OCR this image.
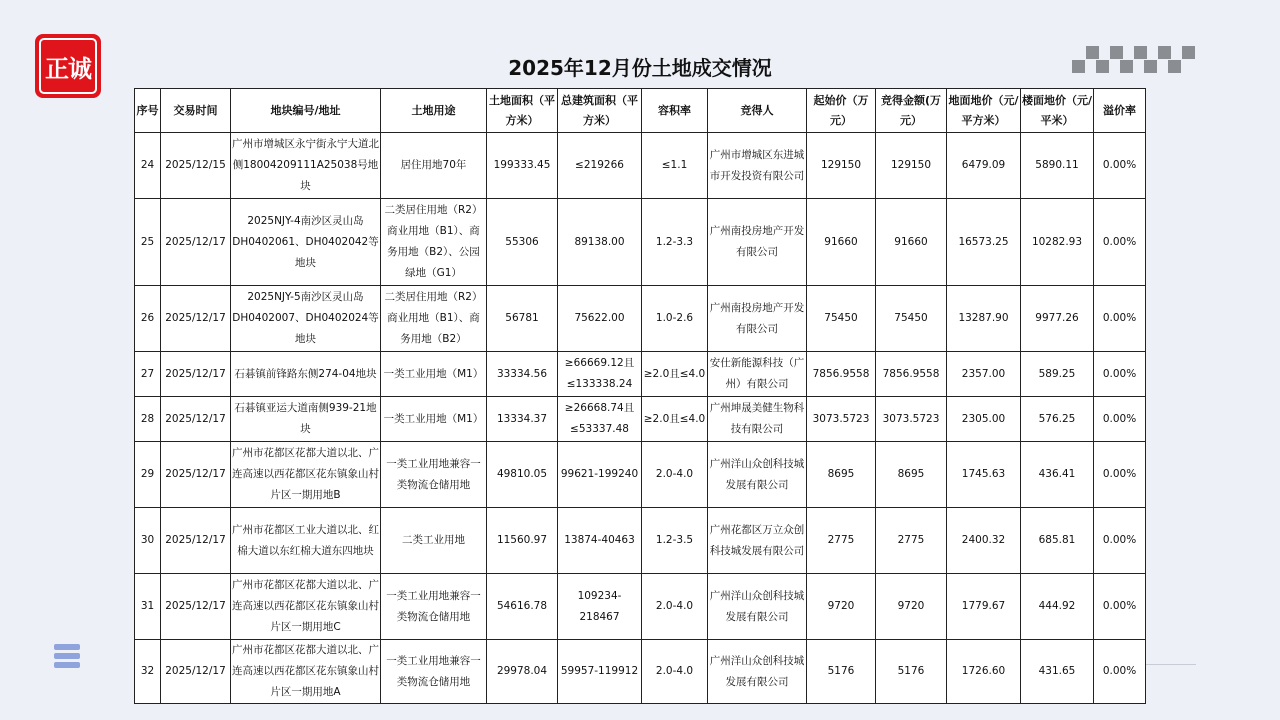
正诚	2025年12月份土地成交情况
序号	交易时间	地块编号/地址	土地用途	土地面积（平方米）	总建筑面积（平方米）	容积率	竞得人	起始价（万元）	竞得金额(万元）	地面地价（元/平方米）	楼面地价（元/平米）	溢价率
24	2025/12/15	广州市增城区永宁街永宁大道北侧18004209111A25038号地块	居住用地70年	199333.45	≤219266	≤1.1	广州市增城区东进城市开发投资有限公司	129150	129150	6479.09	5890.11	0.00%
25	2025/12/17	2025NJY-4南沙区灵山岛DH0402061、DH0402042等地块	二类居住用地（R2）商业用地（B1）、商务用地（B2）、公园绿地（G1）	55306	89138.00	1.2-3.3	广州南投房地产开发有限公司	91660	91660	16573.25	10282.93	0.00%
26	2025/12/17	2025NJY-5南沙区灵山岛DH0402007、DH0402024等地块	二类居住用地（R2）商业用地（B1）、商务用地（B2）	56781	75622.00	1.0-2.6	广州南投房地产开发有限公司	75450	75450	13287.90	9977.26	0.00%
27	2025/12/17	石碁镇前锋路东侧274-04地块	一类工业用地（M1）	33334.56	≥66669.12且≤133338.24	≥2.0且≤4.0	安仕新能源科技（广州）有限公司	7856.9558	7856.9558	2357.00	589.25	0.00%
28	2025/12/17	石碁镇亚运大道南侧939-21地块	一类工业用地（M1）	13334.37	≥26668.74且≤53337.48	≥2.0且≤4.0	广州坤晟美健生物科技有限公司	3073.5723	3073.5723	2305.00	576.25	0.00%
29	2025/12/17	广州市花都区花都大道以北、广连高速以西花都区花东镇象山村片区一期用地B	一类工业用地兼容一类物流仓储用地	49810.05	99621-199240	2.0-4.0	广州洋山众创科技城发展有限公司	8695	8695	1745.63	436.41	0.00%
30	2025/12/17	广州市花都区工业大道以北、红棉大道以东红棉大道东四地块	二类工业用地	11560.97	13874-40463	1.2-3.5	广州花都区万立众创科技城发展有限公司	2775	2775	2400.32	685.81	0.00%
31	2025/12/17	广州市花都区花都大道以北、广连高速以西花都区花东镇象山村片区一期用地C	一类工业用地兼容一类物流仓储用地	54616.78	109234-218467	2.0-4.0	广州洋山众创科技城发展有限公司	9720	9720	1779.67	444.92	0.00%
32	2025/12/17	广州市花都区花都大道以北、广连高速以西花都区花东镇象山村片区一期用地A	一类工业用地兼容一类物流仓储用地	29978.04	59957-119912	2.0-4.0	广州洋山众创科技城发展有限公司	5176	5176	1726.60	431.65	0.00%
